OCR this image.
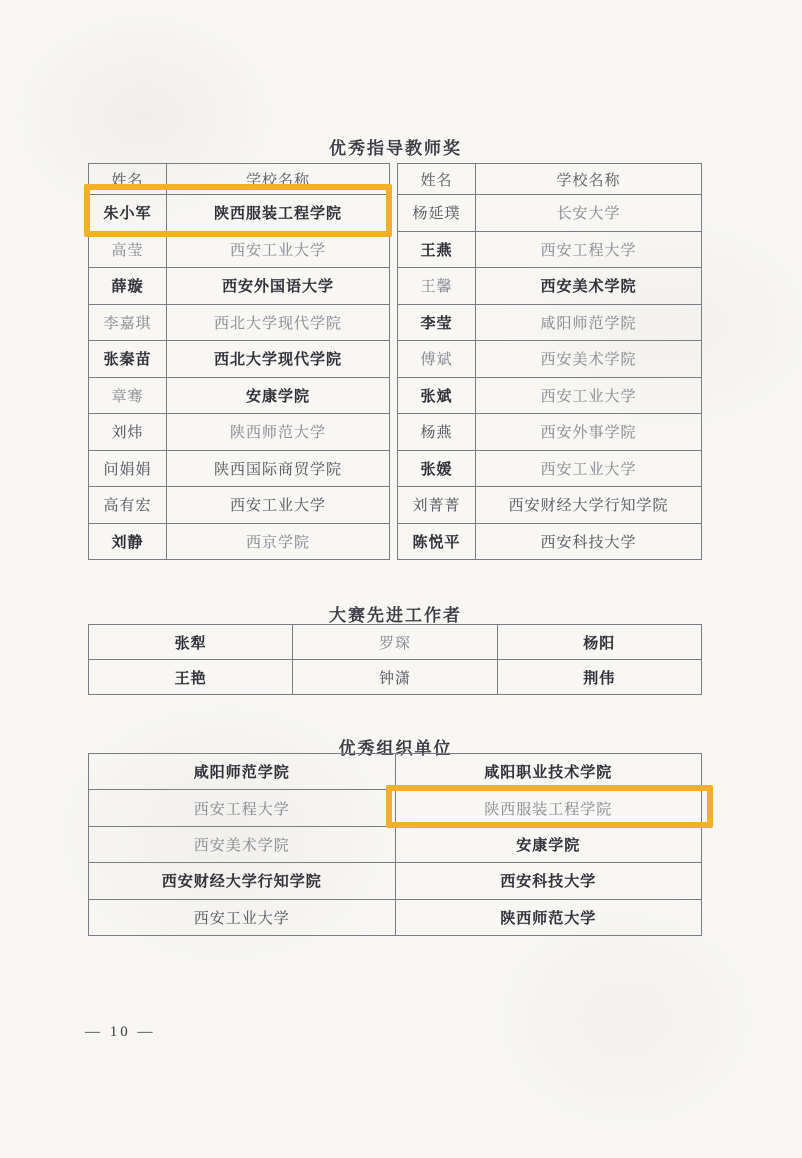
优秀指导教师奖
姓名	学校名称
朱小军	陕西服装工程学院
高莹	西安工业大学
薛璇	西安外国语大学
李嘉琪	西北大学现代学院
张秦苗	西北大学现代学院
章骞	安康学院
刘炜	陕西师范大学
问娟娟	陕西国际商贸学院
高有宏	西安工业大学
刘静	西京学院
姓名	学校名称
杨延璞	长安大学
王燕	西安工程大学
王馨	西安美术学院
李莹	咸阳师范学院
傅斌	西安美术学院
张斌	西安工业大学
杨燕	西安外事学院
张媛	西安工业大学
刘菁菁	西安财经大学行知学院
陈悦平	西安科技大学
大赛先进工作者
张犁	罗琛	杨阳
王艳	钟潇	荆伟
优秀组织单位
咸阳师范学院	咸阳职业技术学院
西安工程大学	陕西服装工程学院
西安美术学院	安康学院
西安财经大学行知学院	西安科技大学
西安工业大学	陕西师范大学
— 10 —
